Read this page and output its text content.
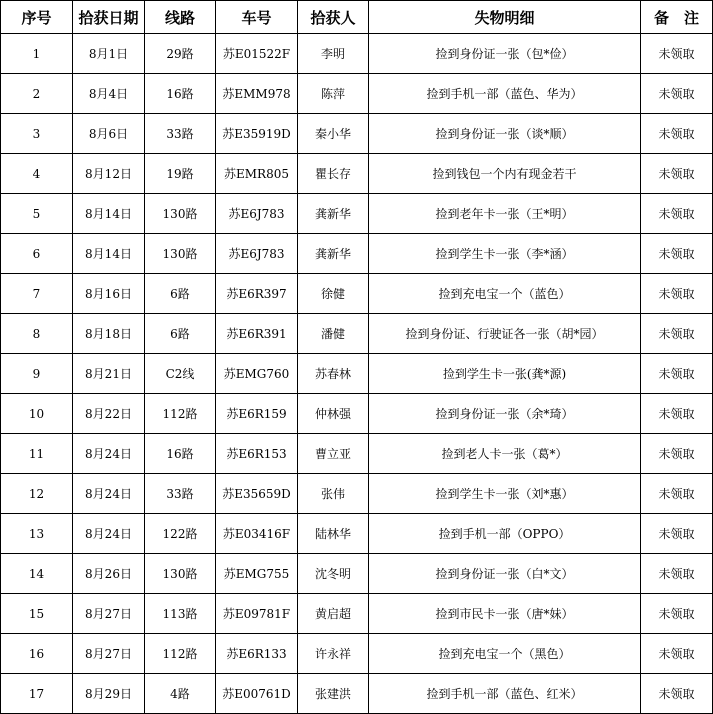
序号	拾获日期	线路	车号	拾获人	失物明细	备　注
1	8月1日	29路	苏E01522F	李明	捡到身份证一张（包*俭）	未领取
2	8月4日	16路	苏EMM978	陈萍	捡到手机一部（蓝色、华为）	未领取
3	8月6日	33路	苏E35919D	秦小华	捡到身份证一张（谈*顺）	未领取
4	8月12日	19路	苏EMR805	瞿长存	捡到钱包一个内有现金若干	未领取
5	8月14日	130路	苏E6J783	龚新华	捡到老年卡一张（王*明）	未领取
6	8月14日	130路	苏E6J783	龚新华	捡到学生卡一张（李*涵）	未领取
7	8月16日	6路	苏E6R397	徐健	捡到充电宝一个（蓝色）	未领取
8	8月18日	6路	苏E6R391	潘健	捡到身份证、行驶证各一张（胡*园）	未领取
9	8月21日	C2线	苏EMG760	苏春林	捡到学生卡一张(龚*源)	未领取
10	8月22日	112路	苏E6R159	仲林强	捡到身份证一张（余*琦）	未领取
11	8月24日	16路	苏E6R153	曹立亚	捡到老人卡一张（葛*）	未领取
12	8月24日	33路	苏E35659D	张伟	捡到学生卡一张（刘*惠）	未领取
13	8月24日	122路	苏E03416F	陆林华	捡到手机一部（OPPO）	未领取
14	8月26日	130路	苏EMG755	沈冬明	捡到身份证一张（白*文）	未领取
15	8月27日	113路	苏E09781F	黄启超	捡到市民卡一张（唐*妹）	未领取
16	8月27日	112路	苏E6R133	许永祥	捡到充电宝一个（黑色）	未领取
17	8月29日	4路	苏E00761D	张建洪	捡到手机一部（蓝色、红米）	未领取
